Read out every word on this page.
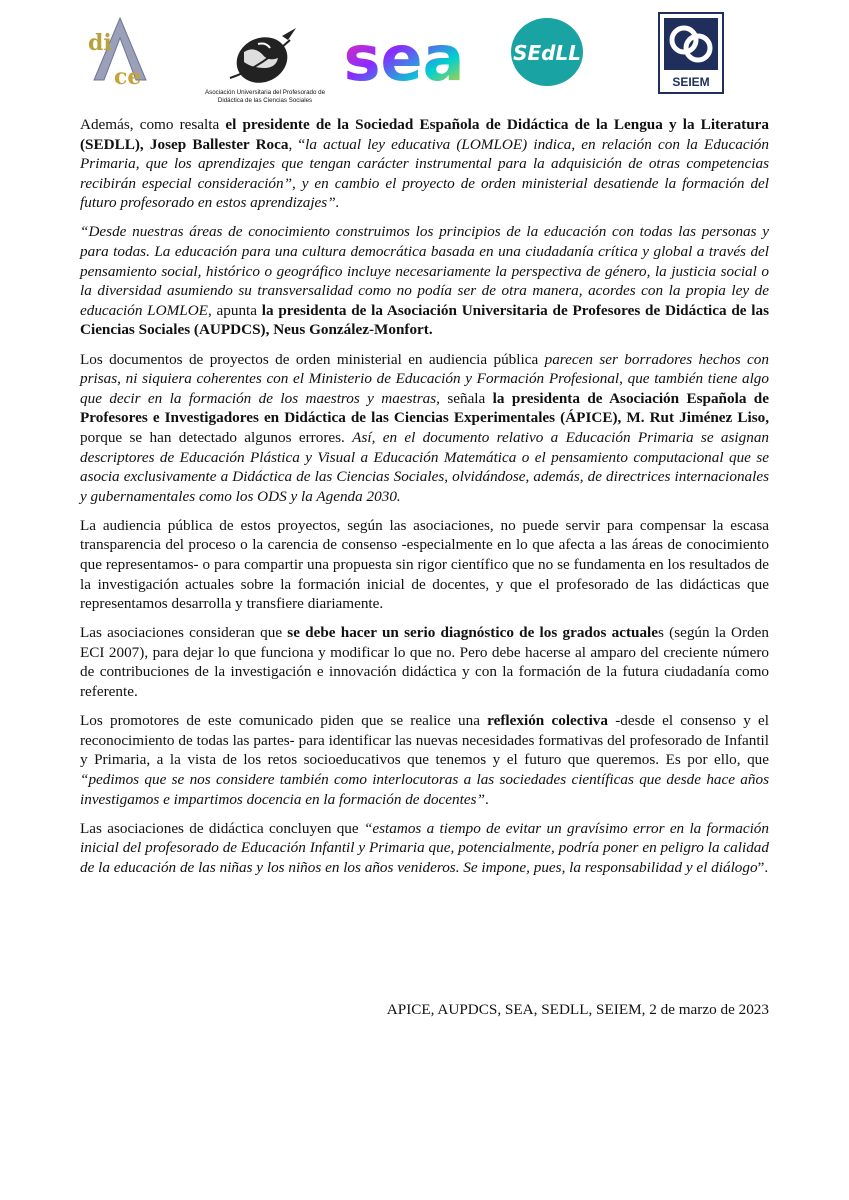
di A
ce
Asociación Universitaria del Profesorado de
Didáctica de las Ciencias Sociales
sea SEdLL
SEIEM

Además, como resalta el presidente de la Sociedad Española de Didáctica de la Lengua y la Literatura (SEDLL), Josep Ballester Roca, “la actual ley educativa (LOMLOE) indica, en relación con la Educación Primaria, que los aprendizajes que tengan carácter instrumental para la adquisición de otras competencias recibirán especial consideración”, y en cambio el proyecto de orden ministerial desatiende la formación del futuro profesorado en estos aprendizajes”.

“Desde nuestras áreas de conocimiento construimos los principios de la educación con todas las personas y para todas. La educación para una cultura democrática basada en una ciudadanía crítica y global a través del pensamiento social, histórico o geográfico incluye necesariamente la perspectiva de género, la justicia social o la diversidad asumiendo su transversalidad como no podía ser de otra manera, acordes con la propia ley de educación LOMLOE, apunta la presidenta de la Asociación Universitaria de Profesores de Didáctica de las Ciencias Sociales (AUPDCS), Neus González-Monfort.

Los documentos de proyectos de orden ministerial en audiencia pública parecen ser borradores hechos con prisas, ni siquiera coherentes con el Ministerio de Educación y Formación Profesional, que también tiene algo que decir en la formación de los maestros y maestras, señala la presidenta de Asociación Española de Profesores e Investigadores en Didáctica de las Ciencias Experimentales (ÁPICE), M. Rut Jiménez Liso, porque se han detectado algunos errores. Así, en el documento relativo a Educación Primaria se asignan descriptores de Educación Plástica y Visual a Educación Matemática o el pensamiento computacional que se asocia exclusivamente a Didáctica de las Ciencias Sociales, olvidándose, además, de directrices internacionales y gubernamentales como los ODS y la Agenda 2030.

La audiencia pública de estos proyectos, según las asociaciones, no puede servir para compensar la escasa transparencia del proceso o la carencia de consenso -especialmente en lo que afecta a las áreas de conocimiento que representamos- o para compartir una propuesta sin rigor científico que no se fundamenta en los resultados de la investigación actuales sobre la formación inicial de docentes, y que el profesorado de las didácticas que representamos desarrolla y transfiere diariamente.

Las asociaciones consideran que se debe hacer un serio diagnóstico de los grados actuales (según la Orden ECI 2007), para dejar lo que funciona y modificar lo que no. Pero debe hacerse al amparo del creciente número de contribuciones de la investigación e innovación didáctica y con la formación de la futura ciudadanía como referente.

Los promotores de este comunicado piden que se realice una reflexión colectiva -desde el consenso y el reconocimiento de todas las partes- para identificar las nuevas necesidades formativas del profesorado de Infantil y Primaria, a la vista de los retos socioeducativos que tenemos y el futuro que queremos. Es por ello, que “pedimos que se nos considere también como interlocutoras a las sociedades científicas que desde hace años investigamos e impartimos docencia en la formación de docentes”.

Las asociaciones de didáctica concluyen que “estamos a tiempo de evitar un gravísimo error en la formación inicial del profesorado de Educación Infantil y Primaria que, potencialmente, podría poner en peligro la calidad de la educación de las niñas y los niños en los años venideros. Se impone, pues, la responsabilidad y el diálogo”.

APICE, AUPDCS, SEA, SEDLL, SEIEM, 2 de marzo de 2023
